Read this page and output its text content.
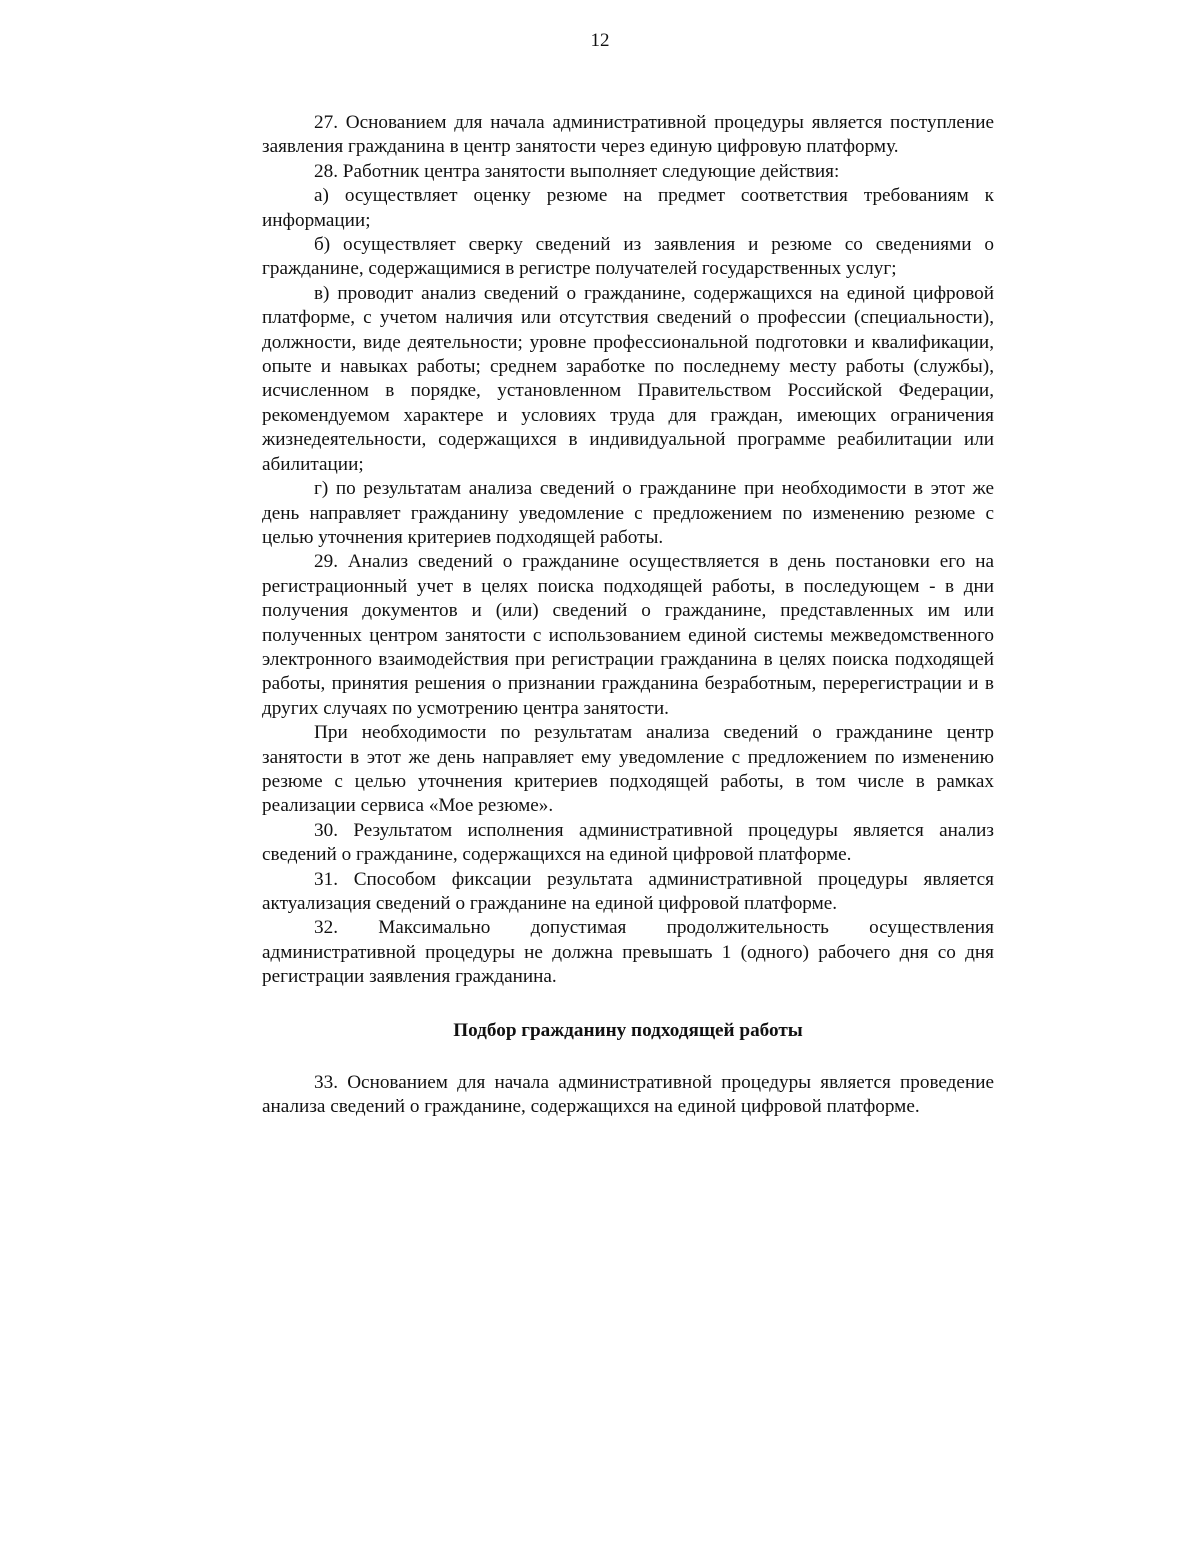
12

27. Основанием для начала административной процедуры является поступление заявления гражданина в центр занятости через единую цифровую платформу.

28. Работник центра занятости выполняет следующие действия:

а) осуществляет оценку резюме на предмет соответствия требованиям к информации;

б) осуществляет сверку сведений из заявления и резюме со сведениями о гражданине, содержащимися в регистре получателей государственных услуг;

в) проводит анализ сведений о гражданине, содержащихся на единой цифровой платформе, с учетом наличия или отсутствия сведений о профессии (специальности), должности, виде деятельности; уровне профессиональной подготовки и квалификации, опыте и навыках работы; среднем заработке по последнему месту работы (службы), исчисленном в порядке, установленном Правительством Российской Федерации, рекомендуемом характере и условиях труда для граждан, имеющих ограничения жизнедеятельности, содержащихся в индивидуальной программе реабилитации или абилитации;

г) по результатам анализа сведений о гражданине при необходимости в этот же день направляет гражданину уведомление с предложением по изменению резюме с целью уточнения критериев подходящей работы.

29. Анализ сведений о гражданине осуществляется в день постановки его на регистрационный учет в целях поиска подходящей работы, в последующем - в дни получения документов и (или) сведений о гражданине, представленных им или полученных центром занятости с использованием единой системы межведомственного электронного взаимодействия при регистрации гражданина в целях поиска подходящей работы, принятия решения о признании гражданина безработным, перерегистрации и в других случаях по усмотрению центра занятости.

При необходимости по результатам анализа сведений о гражданине центр занятости в этот же день направляет ему уведомление с предложением по изменению резюме с целью уточнения критериев подходящей работы, в том числе в рамках реализации сервиса «Мое резюме».

30. Результатом исполнения административной процедуры является анализ сведений о гражданине, содержащихся на единой цифровой платформе.

31. Способом фиксации результата административной процедуры является актуализация сведений о гражданине на единой цифровой платформе.

32. Максимально допустимая продолжительность осуществления административной процедуры не должна превышать 1 (одного) рабочего дня со дня регистрации заявления гражданина.

Подбор гражданину подходящей работы

33. Основанием для начала административной процедуры является проведение анализа сведений о гражданине, содержащихся на единой цифровой платформе.
